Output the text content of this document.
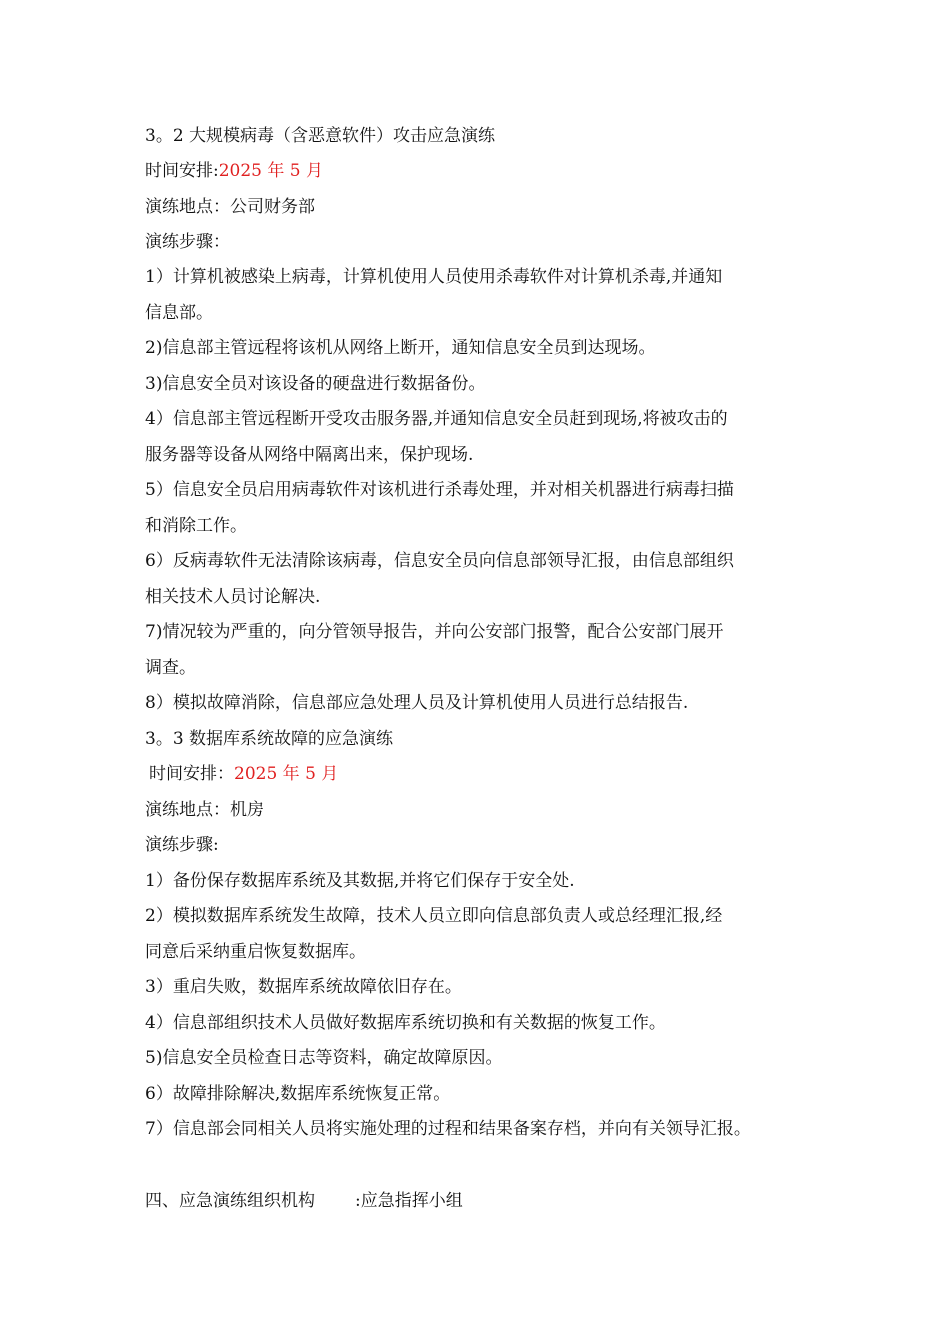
3。2 大规模病毒（含恶意软件）攻击应急演练
时间安排:2025 年 5 月
演练地点：公司财务部
演练步骤：
1）计算机被感染上病毒，计算机使用人员使用杀毒软件对计算机杀毒,并通知
信息部。
2)信息部主管远程将该机从网络上断开，通知信息安全员到达现场。
3)信息安全员对该设备的硬盘进行数据备份。
4）信息部主管远程断开受攻击服务器,并通知信息安全员赶到现场,将被攻击的
服务器等设备从网络中隔离出来，保护现场.
5）信息安全员启用病毒软件对该机进行杀毒处理，并对相关机器进行病毒扫描
和消除工作。
6）反病毒软件无法清除该病毒，信息安全员向信息部领导汇报，由信息部组织
相关技术人员讨论解决.
7)情况较为严重的，向分管领导报告，并向公安部门报警，配合公安部门展开
调查。
8）模拟故障消除，信息部应急处理人员及计算机使用人员进行总结报告.
3。3 数据库系统故障的应急演练
时间安排：2025 年 5 月
演练地点：机房
演练步骤:
1）备份保存数据库系统及其数据,并将它们保存于安全处.
2）模拟数据库系统发生故障，技术人员立即向信息部负责人或总经理汇报,经
同意后采纳重启恢复数据库。
3）重启失败，数据库系统故障依旧存在。
4）信息部组织技术人员做好数据库系统切换和有关数据的恢复工作。
5)信息安全员检查日志等资料，确定故障原因。
6）故障排除解决,数据库系统恢复正常。
7）信息部会同相关人员将实施处理的过程和结果备案存档，并向有关领导汇报。
四、应急演练组织机构 :应急指挥小组
